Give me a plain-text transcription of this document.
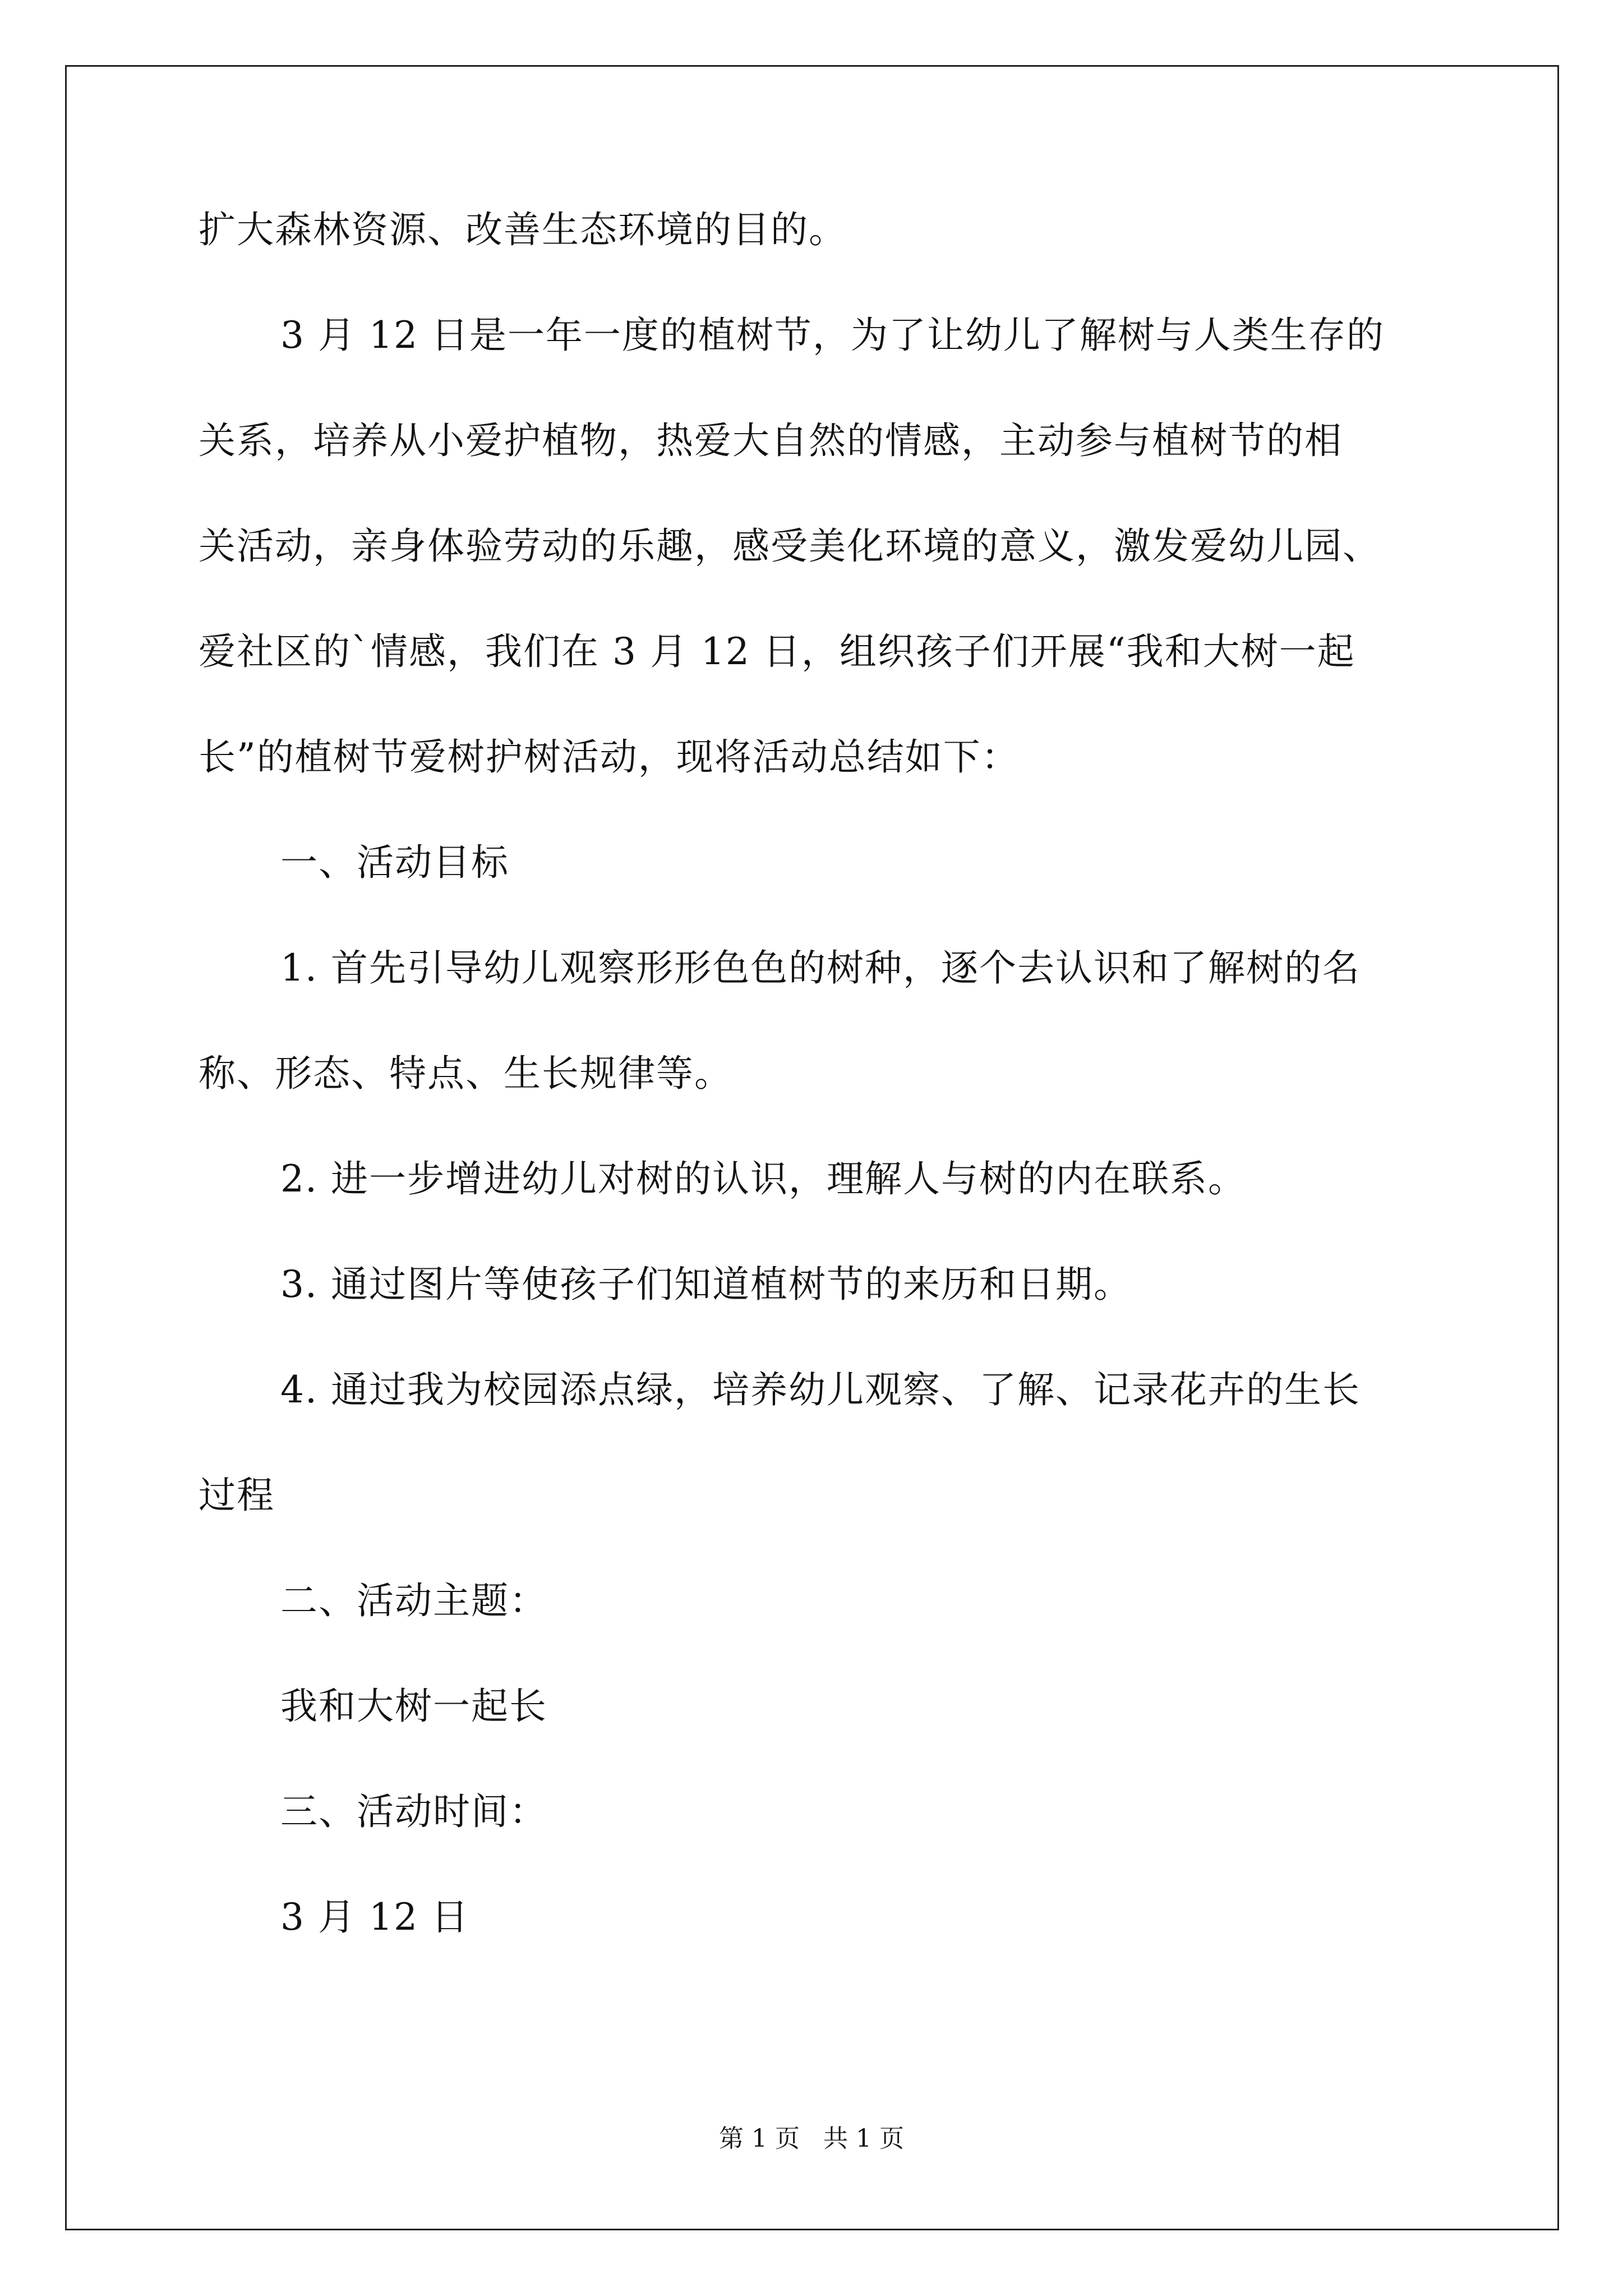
扩大森林资源、改善生态环境的目的。
3 月 12 日是一年一度的植树节，为了让幼儿了解树与人类生存的
关系，培养从小爱护植物，热爱大自然的情感，主动参与植树节的相
关活动，亲身体验劳动的乐趣，感受美化环境的意义，激发爱幼儿园、
爱社区的`情感，我们在 3 月 12 日，组织孩子们开展“我和大树一起
长”的植树节爱树护树活动，现将活动总结如下：
一、活动目标
1. 首先引导幼儿观察形形色色的树种，逐个去认识和了解树的名
称、形态、特点、生长规律等。
2. 进一步增进幼儿对树的认识，理解人与树的内在联系。
3. 通过图片等使孩子们知道植树节的来历和日期。
4. 通过我为校园添点绿，培养幼儿观察、了解、记录花卉的生长
过程
二、活动主题：
我和大树一起长
三、活动时间：
3 月 12 日
第 1 页   共 1 页
